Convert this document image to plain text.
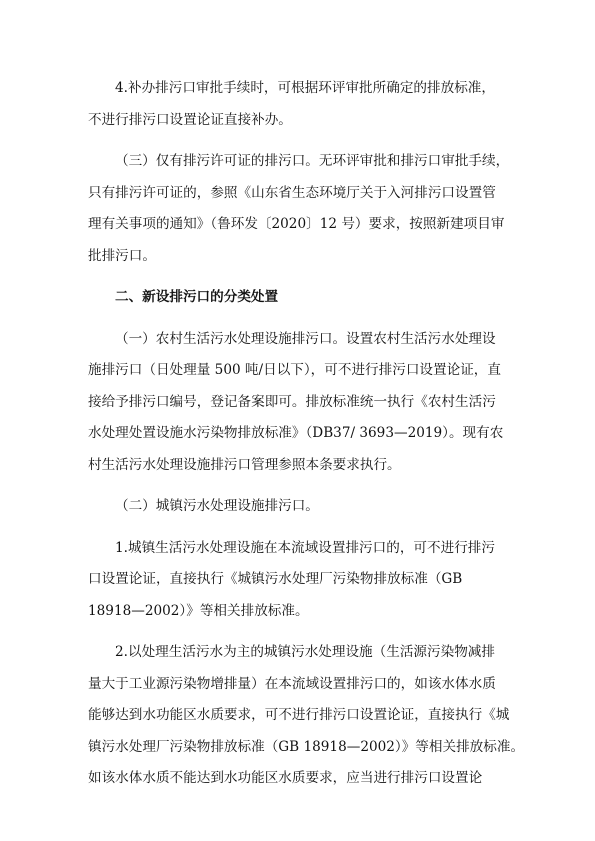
4.补办排污口审批手续时，可根据环评审批所确定的排放标准，
不进行排污口设置论证直接补办。

（三）仅有排污许可证的排污口。无环评审批和排污口审批手续，
只有排污许可证的，参照《山东省生态环境厅关于入河排污口设置管
理有关事项的通知》（鲁环发〔2020〕12 号）要求，按照新建项目审
批排污口。

二、新设排污口的分类处置

（一）农村生活污水处理设施排污口。设置农村生活污水处理设
施排污口（日处理量 500 吨/日以下），可不进行排污口设置论证，直
接给予排污口编号，登记备案即可。排放标准统一执行《农村生活污
水处理处置设施水污染物排放标准》（DB37/ 3693—2019）。现有农
村生活污水处理设施排污口管理参照本条要求执行。

（二）城镇污水处理设施排污口。

1.城镇生活污水处理设施在本流域设置排污口的，可不进行排污
口设置论证，直接执行《城镇污水处理厂污染物排放标准（GB
18918—2002）》等相关排放标准。

2.以处理生活污水为主的城镇污水处理设施（生活源污染物减排
量大于工业源污染物增排量）在本流域设置排污口的，如该水体水质
能够达到水功能区水质要求，可不进行排污口设置论证，直接执行《城
镇污水处理厂污染物排放标准（GB 18918—2002）》等相关排放标准。
如该水体水质不能达到水功能区水质要求，应当进行排污口设置论
